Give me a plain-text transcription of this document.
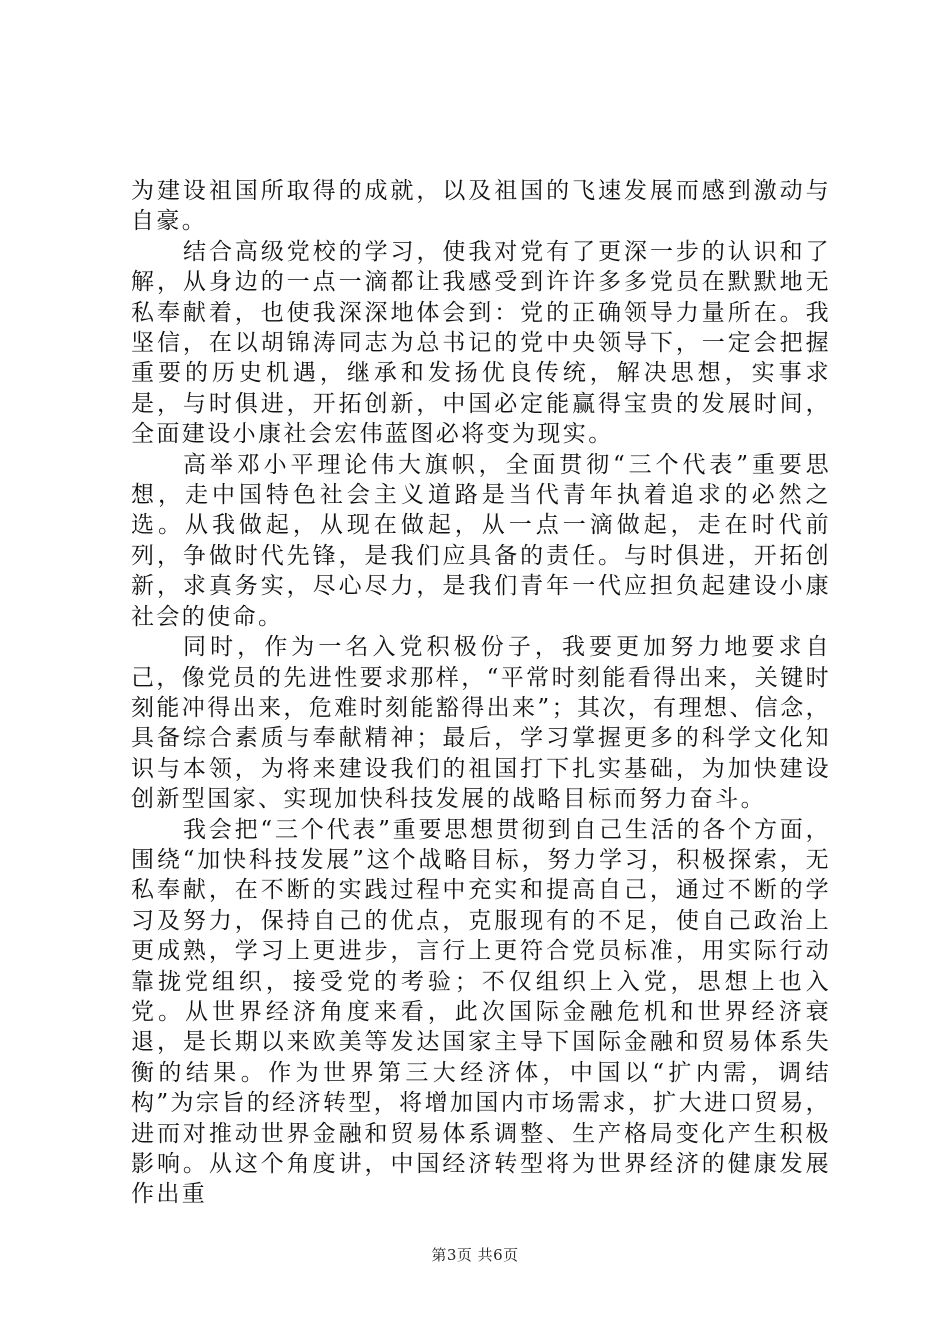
为建设祖国所取得的成就，以及祖国的飞速发展而感到激动与自豪。

结合高级党校的学习，使我对党有了更深一步的认识和了解，从身边的一点一滴都让我感受到许许多多党员在默默地无私奉献着，也使我深深地体会到：党的正确领导力量所在。我坚信，在以胡锦涛同志为总书记的党中央领导下，一定会把握重要的历史机遇，继承和发扬优良传统，解决思想，实事求是，与时俱进，开拓创新，中国必定能赢得宝贵的发展时间，全面建设小康社会宏伟蓝图必将变为现实。

高举邓小平理论伟大旗帜，全面贯彻“三个代表”重要思想，走中国特色社会主义道路是当代青年执着追求的必然之选。从我做起，从现在做起，从一点一滴做起，走在时代前列，争做时代先锋，是我们应具备的责任。与时俱进，开拓创新，求真务实，尽心尽力，是我们青年一代应担负起建设小康社会的使命。

同时，作为一名入党积极份子，我要更加努力地要求自己，像党员的先进性要求那样，“平常时刻能看得出来，关键时刻能冲得出来，危难时刻能豁得出来”；其次，有理想、信念，具备综合素质与奉献精神；最后，学习掌握更多的科学文化知识与本领，为将来建设我们的祖国打下扎实基础，为加快建设创新型国家、实现加快科技发展的战略目标而努力奋斗。

我会把“三个代表”重要思想贯彻到自己生活的各个方面，围绕“加快科技发展”这个战略目标，努力学习，积极探索，无私奉献，在不断的实践过程中充实和提高自己，通过不断的学习及努力，保持自己的优点，克服现有的不足，使自己政治上更成熟，学习上更进步，言行上更符合党员标准，用实际行动靠拢党组织，接受党的考验；不仅组织上入党，思想上也入党。从世界经济角度来看，此次国际金融危机和世界经济衰退，是长期以来欧美等发达国家主导下国际金融和贸易体系失衡的结果。作为世界第三大经济体，中国以“扩内需，调结构”为宗旨的经济转型，将增加国内市场需求，扩大进口贸易，进而对推动世界金融和贸易体系调整、生产格局变化产生积极影响。从这个角度讲，中国经济转型将为世界经济的健康发展作出重

第3页 共6页
